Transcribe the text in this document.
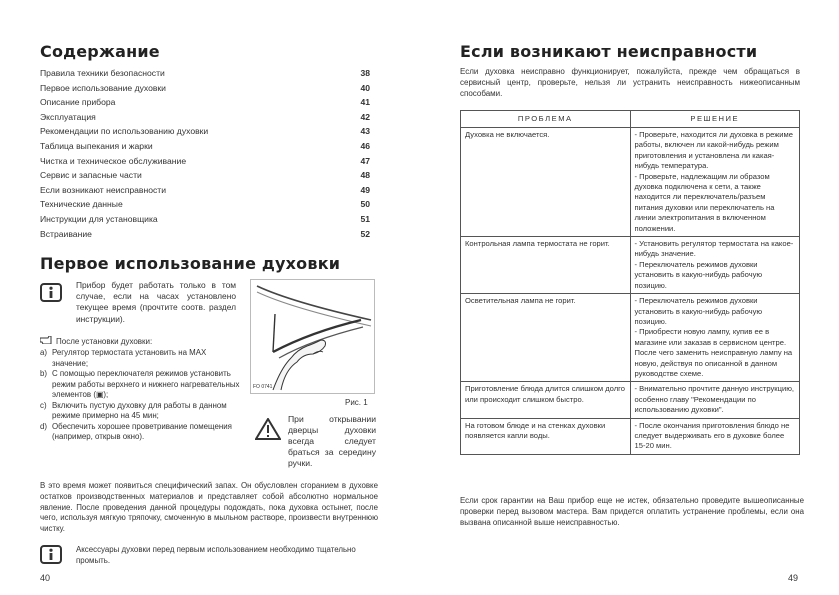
Содержание
Правила техники безопасности	38
Первое использование духовки	40
Описание прибора	41
Эксплуатация	42
Рекомендации по использованию духовки	43
Таблица выпекания и жарки	46
Чистка и техническое обслуживание	47
Сервис и запасные части	48
Если возникают неисправности	49
Технические данные	50
Инструкции для установщика	51
Встраивание	52
Первое использование духовки
Прибор будет работать только в том случае, если на часах установлено текущее время (прочтите соотв. раздел инструкции).
После установки духовки:
a) Регулятор термостата установить на MAX значение;
b) С помощью переключателя режимов установить режим работы верхнего и нижнего нагревательных элементов (▣);
c) Включить пустую духовку для работы в данном режиме примерно на 45 мин;
d) Обеспечить хорошее проветривание помещения (например, открыв окно).
FO 0741
Рис. 1
При открывании дверцы духовки всегда следует браться за середину ручки.
В это время может появиться специфический запах. Он обусловлен сгоранием в духовке остатков производственных материалов и представляет собой абсолютно нормальное явление. После проведения данной процедуры подождать, пока духовка остынет, после чего, используя мягкую тряпочку, смоченную в мыльном растворе, произвести внутреннюю чистку.
Аксессуары духовки перед первым использованием необходимо тщательно промыть.
40
Если возникают неисправности
Если духовка неисправно функционирует, пожалуйста, прежде чем обращаться в сервисный центр, проверьте, нельзя ли устранить неисправность нижеописанным способами.
ПРОБЛЕМА	РЕШЕНИЕ
Духовка не включается.	- Проверьте, находится ли духовка в режиме работы, включен ли какой-нибудь режим приготовления и установлена ли какая-нибудь температура.
- Проверьте, надлежащим ли образом духовка подключена к сети, а также находится ли переключатель/разъем питания духовки или переключатель на линии электропитания в включенном положении.

Контрольная лампа термостата не горит.	- Установить регулятор термостата на какое-нибудь значение.
- Переключатель режимов духовки установить в какую-нибудь рабочую позицию.

Осветительная лампа не горит.	- Переключатель режимов духовки установить в какую-нибудь рабочую позицию.
- Приобрести новую лампу, купив ее в магазине или заказав в сервисном центре. После чего заменить неисправную лампу на новую, действуя по описанной в данном руководстве схеме.

Приготовление блюда длится слишком долго или происходит слишком быстро.	- Внимательно прочтите данную инструкцию, особенно главу "Рекомендации по использованию духовки".

На готовом блюде и на стенках духовки появляется капли воды.	- После окончания приготовления блюдо не следует выдерживать его в духовке более 15-20 мин.
Если срок гарантии на Ваш прибор еще не истек, обязательно проведите вышеописанные проверки перед вызовом мастера. Вам придется оплатить устранение проблемы, если она вызвана описанной выше неисправностью.
49
